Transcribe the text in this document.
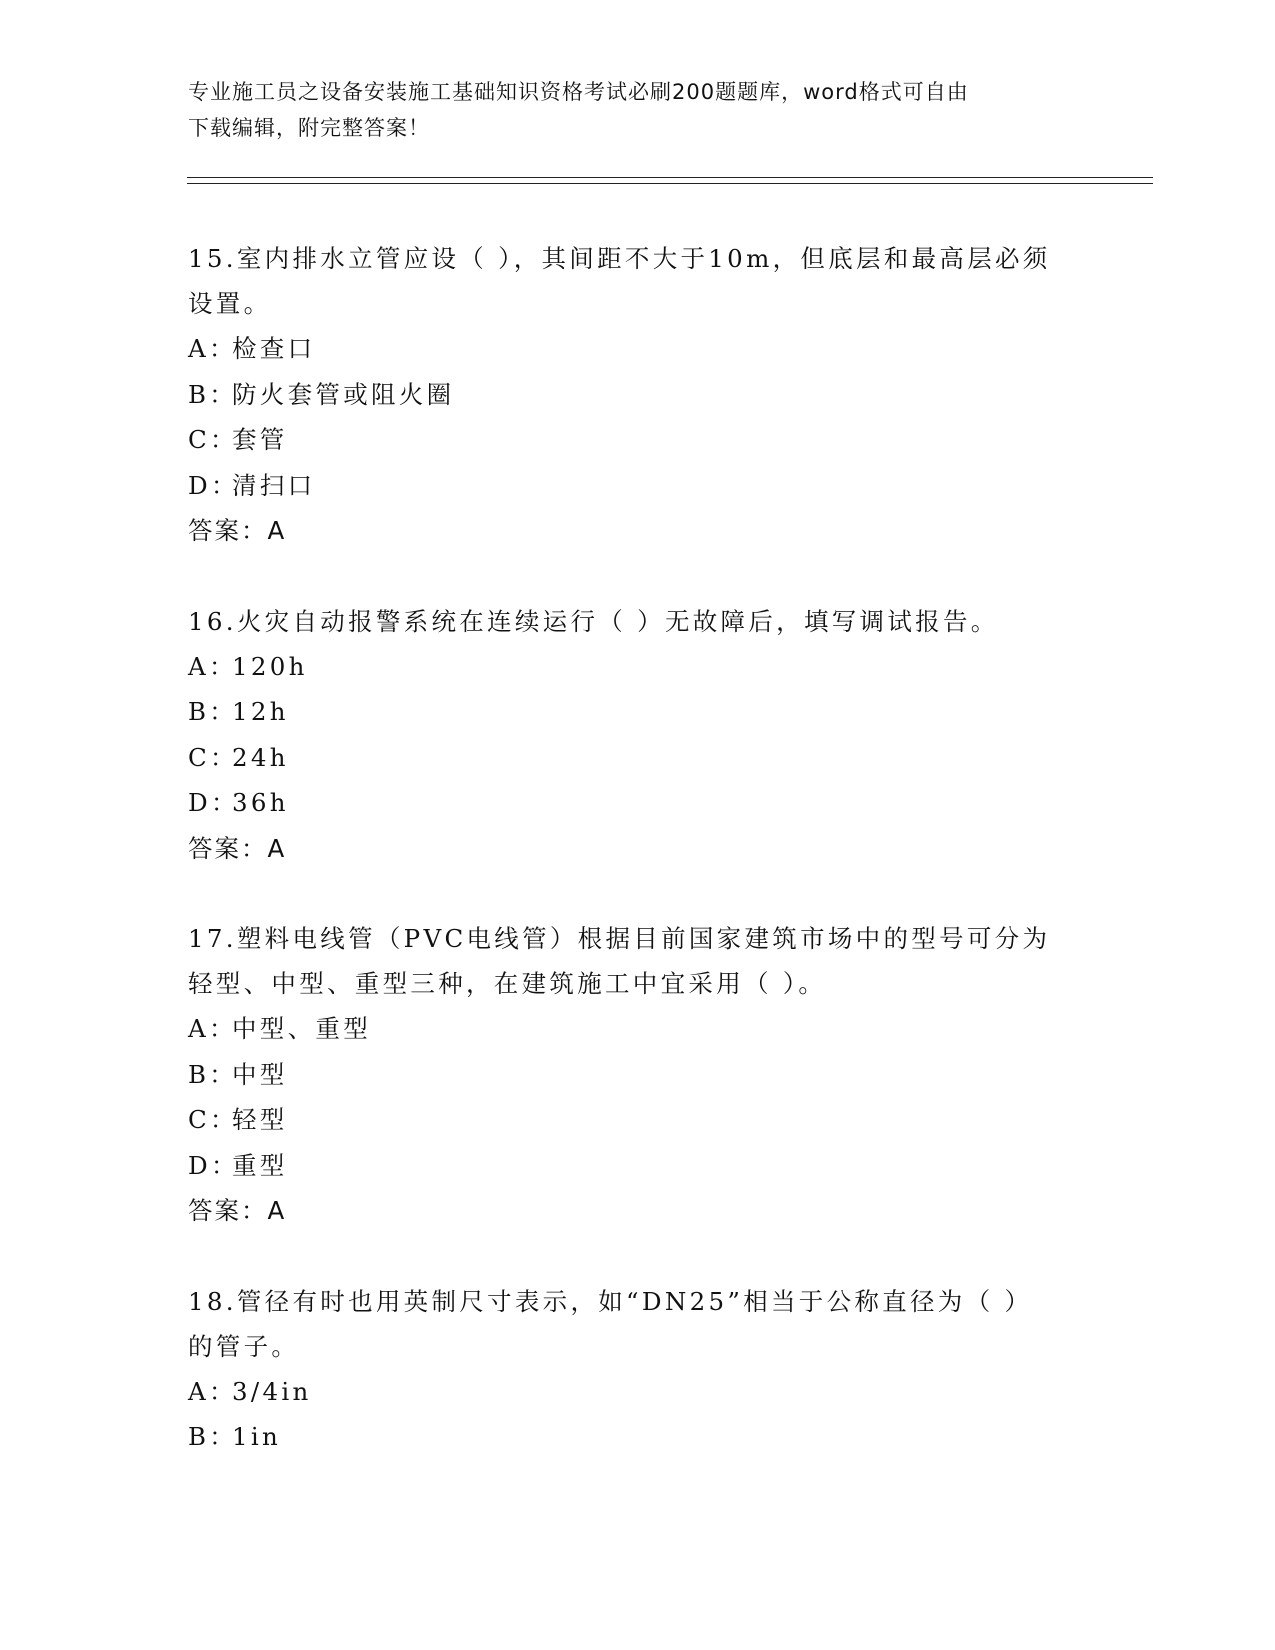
专业施工员之设备安装施工基础知识资格考试必刷200题题库，word格式可自由
下载编辑，附完整答案！

15.室内排水立管应设（ ），其间距不大于10m，但底层和最高层必须

设置。

A：检查口

B：防火套管或阻火圈

C：套管

D：清扫口

答案：A

16.火灾自动报警系统在连续运行（ ）无故障后，填写调试报告。

A：120h

B：12h

C：24h

D：36h

答案：A

17.塑料电线管（PVC电线管）根据目前国家建筑市场中的型号可分为

轻型、中型、重型三种，在建筑施工中宜采用（ ）。

A：中型、重型

B：中型

C：轻型

D：重型

答案：A

18.管径有时也用英制尺寸表示，如“DN25”相当于公称直径为（ ）

的管子。

A：3/4in

B：1in
